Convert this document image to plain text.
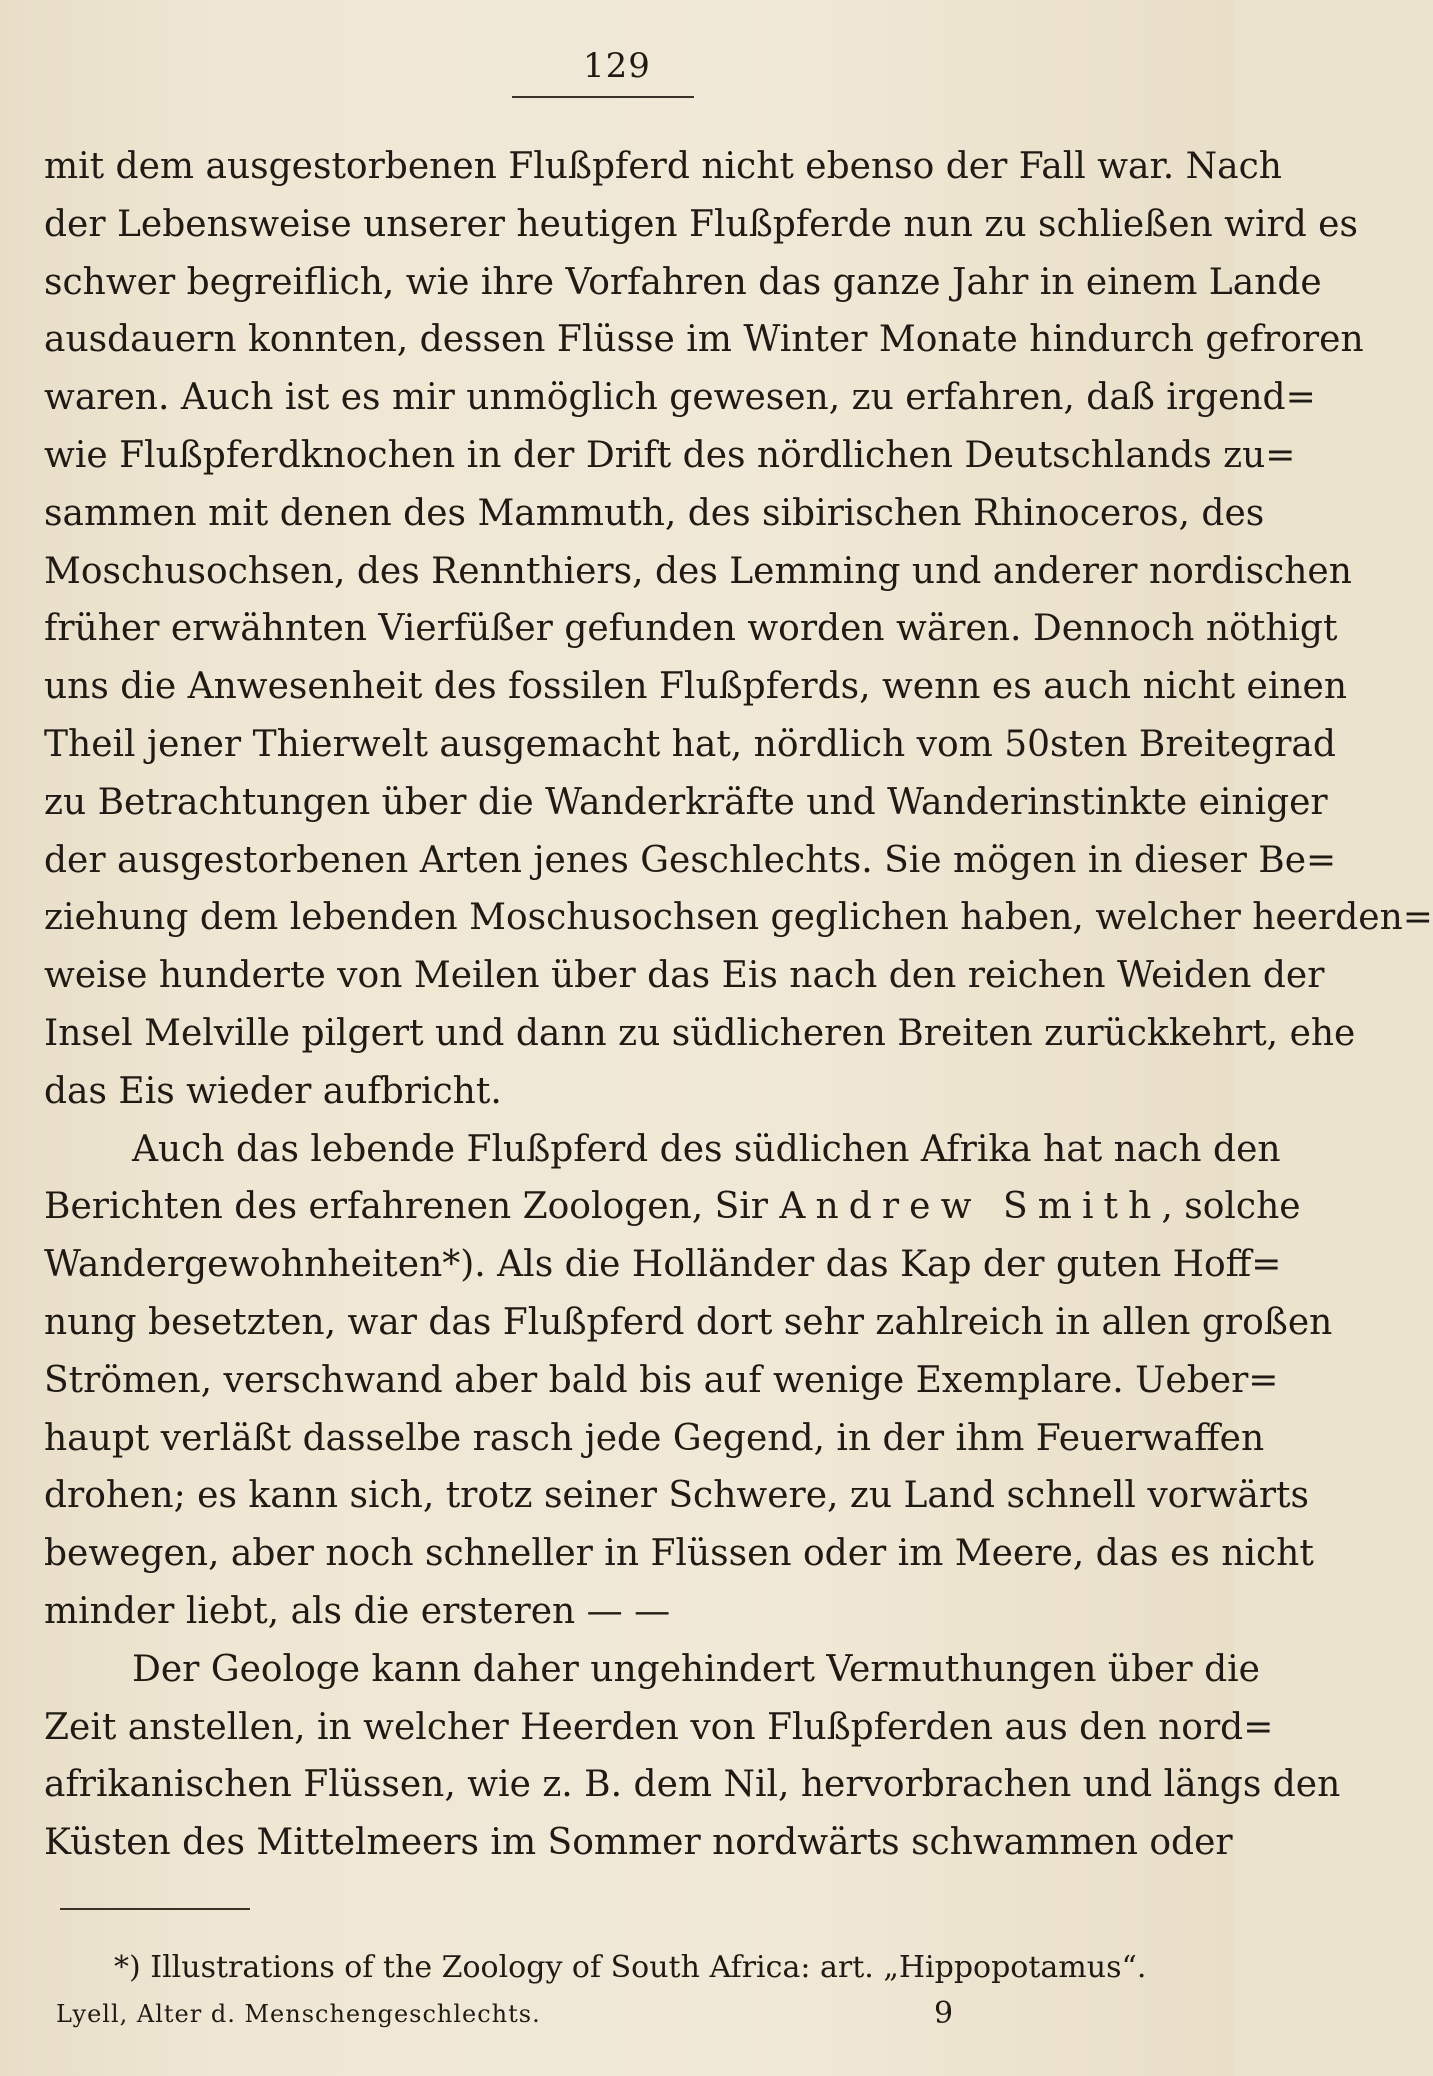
129
mit dem ausgestorbenen Flußpferd nicht ebenso der Fall war. Nach
der Lebensweise unserer heutigen Flußpferde nun zu schließen wird es
schwer begreiflich, wie ihre Vorfahren das ganze Jahr in einem Lande
ausdauern konnten, dessen Flüsse im Winter Monate hindurch gefroren
waren. Auch ist es mir unmöglich gewesen, zu erfahren, daß irgend=
wie Flußpferdknochen in der Drift des nördlichen Deutschlands zu=
sammen mit denen des Mammuth, des sibirischen Rhinoceros, des
Moschusochsen, des Rennthiers, des Lemming und anderer nordischen
früher erwähnten Vierfüßer gefunden worden wären. Dennoch nöthigt
uns die Anwesenheit des fossilen Flußpferds, wenn es auch nicht einen
Theil jener Thierwelt ausgemacht hat, nördlich vom 50sten Breitegrad
zu Betrachtungen über die Wanderkräfte und Wanderinstinkte einiger
der ausgestorbenen Arten jenes Geschlechts. Sie mögen in dieser Be=
ziehung dem lebenden Moschusochsen geglichen haben, welcher heerden=
weise hunderte von Meilen über das Eis nach den reichen Weiden der
Insel Melville pilgert und dann zu südlicheren Breiten zurückkehrt, ehe
das Eis wieder aufbricht.
Auch das lebende Flußpferd des südlichen Afrika hat nach den
Berichten des erfahrenen Zoologen, Sir Andrew Smith, solche
Wandergewohnheiten*). Als die Holländer das Kap der guten Hoff=
nung besetzten, war das Flußpferd dort sehr zahlreich in allen großen
Strömen, verschwand aber bald bis auf wenige Exemplare. Ueber=
haupt verläßt dasselbe rasch jede Gegend, in der ihm Feuerwaffen
drohen; es kann sich, trotz seiner Schwere, zu Land schnell vorwärts
bewegen, aber noch schneller in Flüssen oder im Meere, das es nicht
minder liebt, als die ersteren — —
Der Geologe kann daher ungehindert Vermuthungen über die
Zeit anstellen, in welcher Heerden von Flußpferden aus den nord=
afrikanischen Flüssen, wie z. B. dem Nil, hervorbrachen und längs den
Küsten des Mittelmeers im Sommer nordwärts schwammen oder
*) Illustrations of the Zoology of South Africa: art. „Hippopotamus“.
Lyell, Alter d. Menschengeschlechts.	9
